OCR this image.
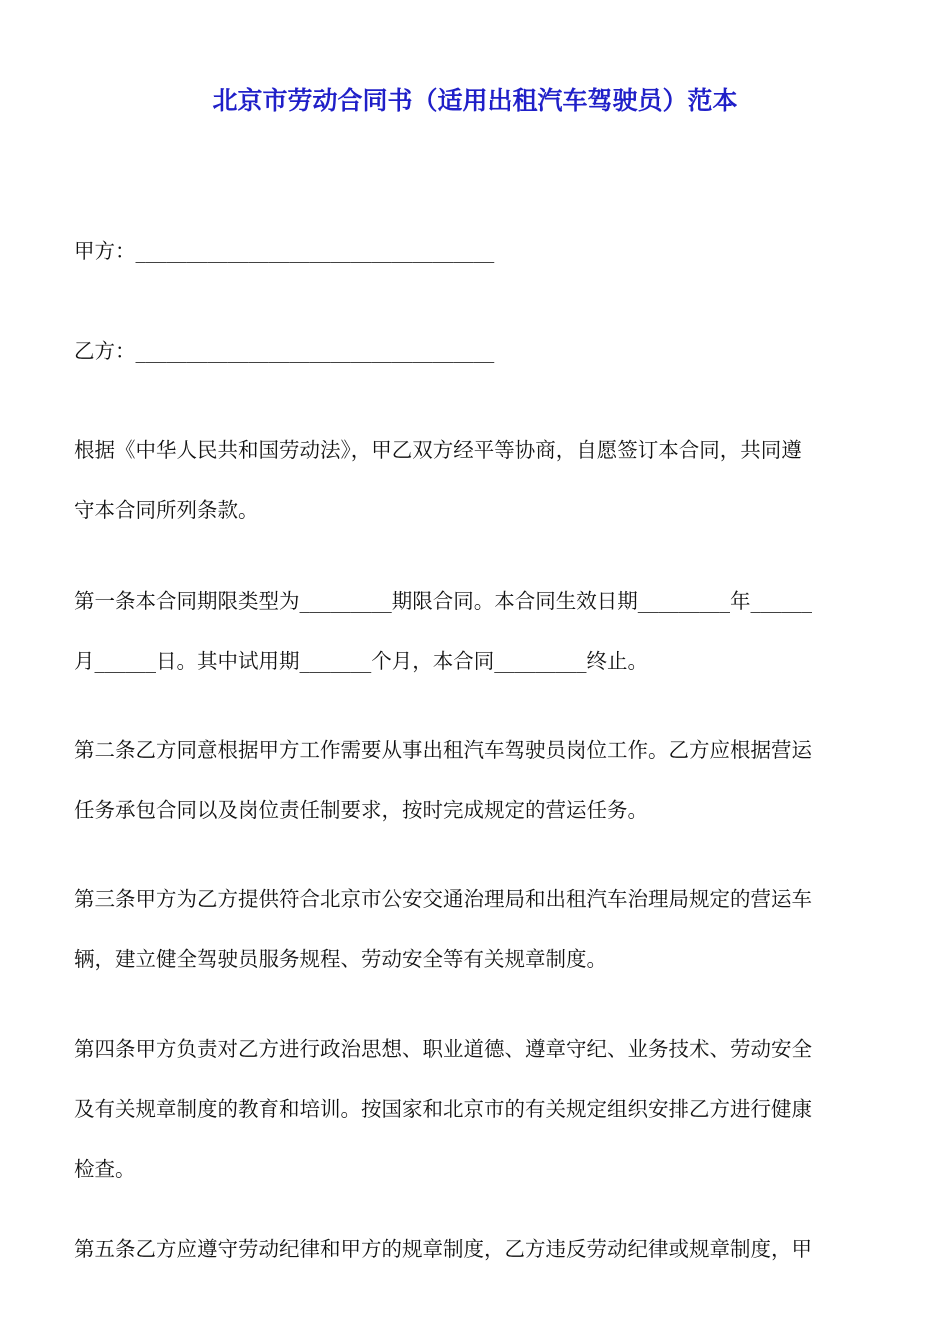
北京市劳动合同书（适用出租汽车驾驶员）范本
甲方：___________________________________
乙方：___________________________________
根据《中华人民共和国劳动法》，甲乙双方经平等协商，自愿签订本合同，共同遵
守本合同所列条款。
第一条本合同期限类型为_________期限合同。本合同生效日期_________年______
月______日。其中试用期_______个月，本合同_________终止。
第二条乙方同意根据甲方工作需要从事出租汽车驾驶员岗位工作。乙方应根据营运
任务承包合同以及岗位责任制要求，按时完成规定的营运任务。
第三条甲方为乙方提供符合北京市公安交通治理局和出租汽车治理局规定的营运车
辆，建立健全驾驶员服务规程、劳动安全等有关规章制度。
第四条甲方负责对乙方进行政治思想、职业道德、遵章守纪、业务技术、劳动安全
及有关规章制度的教育和培训。按国家和北京市的有关规定组织安排乙方进行健康
检查。
第五条乙方应遵守劳动纪律和甲方的规章制度，乙方违反劳动纪律或规章制度，甲
